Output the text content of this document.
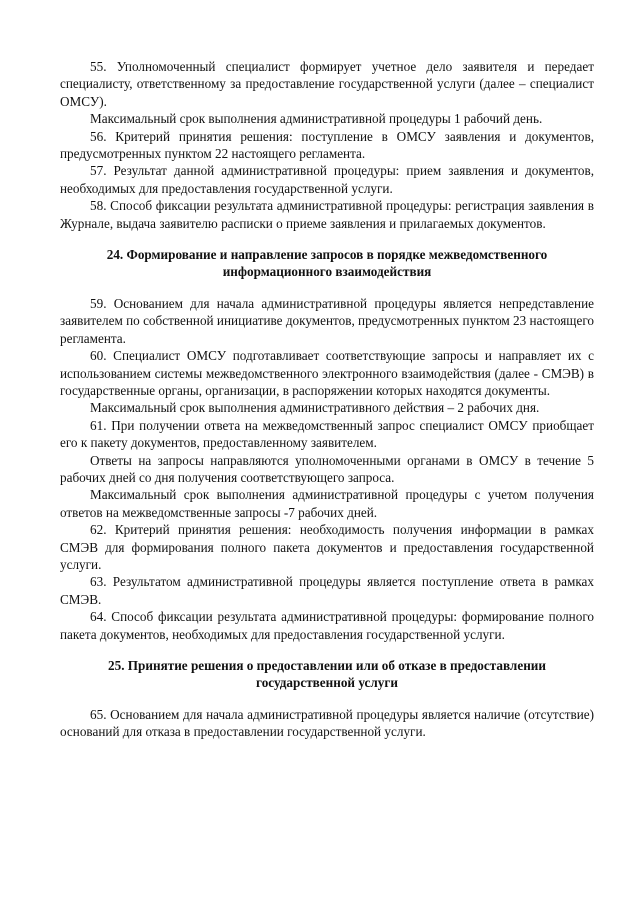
55. Уполномоченный специалист формирует учетное дело заявителя и передает специалисту, ответственному за предоставление государственной услуги (далее – специалист ОМСУ).

Максимальный срок выполнения административной процедуры 1 рабочий день.

56. Критерий принятия решения: поступление в ОМСУ заявления и документов, предусмотренных пунктом 22 настоящего регламента.

57. Результат данной административной процедуры: прием заявления и документов, необходимых для предоставления государственной услуги.

58. Способ фиксации результата административной процедуры: регистрация заявления в Журнале, выдача заявителю расписки о приеме заявления и прилагаемых документов.

24. Формирование и направление запросов в порядке межведомственного информационного взаимодействия

59. Основанием для начала административной процедуры является непредставление заявителем по собственной инициативе документов, предусмотренных пунктом 23 настоящего регламента.

60. Специалист ОМСУ подготавливает соответствующие запросы и направляет их с использованием системы межведомственного электронного взаимодействия (далее - СМЭВ) в государственные органы, организации, в распоряжении которых находятся документы.

Максимальный срок выполнения административного действия – 2 рабочих дня.

61. При получении ответа на межведомственный запрос специалист ОМСУ приобщает его к пакету документов, предоставленному заявителем.

Ответы на запросы направляются уполномоченными органами в ОМСУ в течение 5 рабочих дней со дня получения соответствующего запроса.

Максимальный срок выполнения административной процедуры с учетом получения ответов на межведомственные запросы -7 рабочих дней.

62. Критерий принятия решения: необходимость получения информации в рамках СМЭВ для формирования полного пакета документов и предоставления государственной услуги.

63. Результатом административной процедуры является поступление ответа в рамках СМЭВ.

64. Способ фиксации результата административной процедуры: формирование полного пакета документов, необходимых для предоставления государственной услуги.

25. Принятие решения о предоставлении или об отказе в предоставлении государственной услуги

65. Основанием для начала административной процедуры является наличие (отсутствие) оснований для отказа в предоставлении государственной услуги.
